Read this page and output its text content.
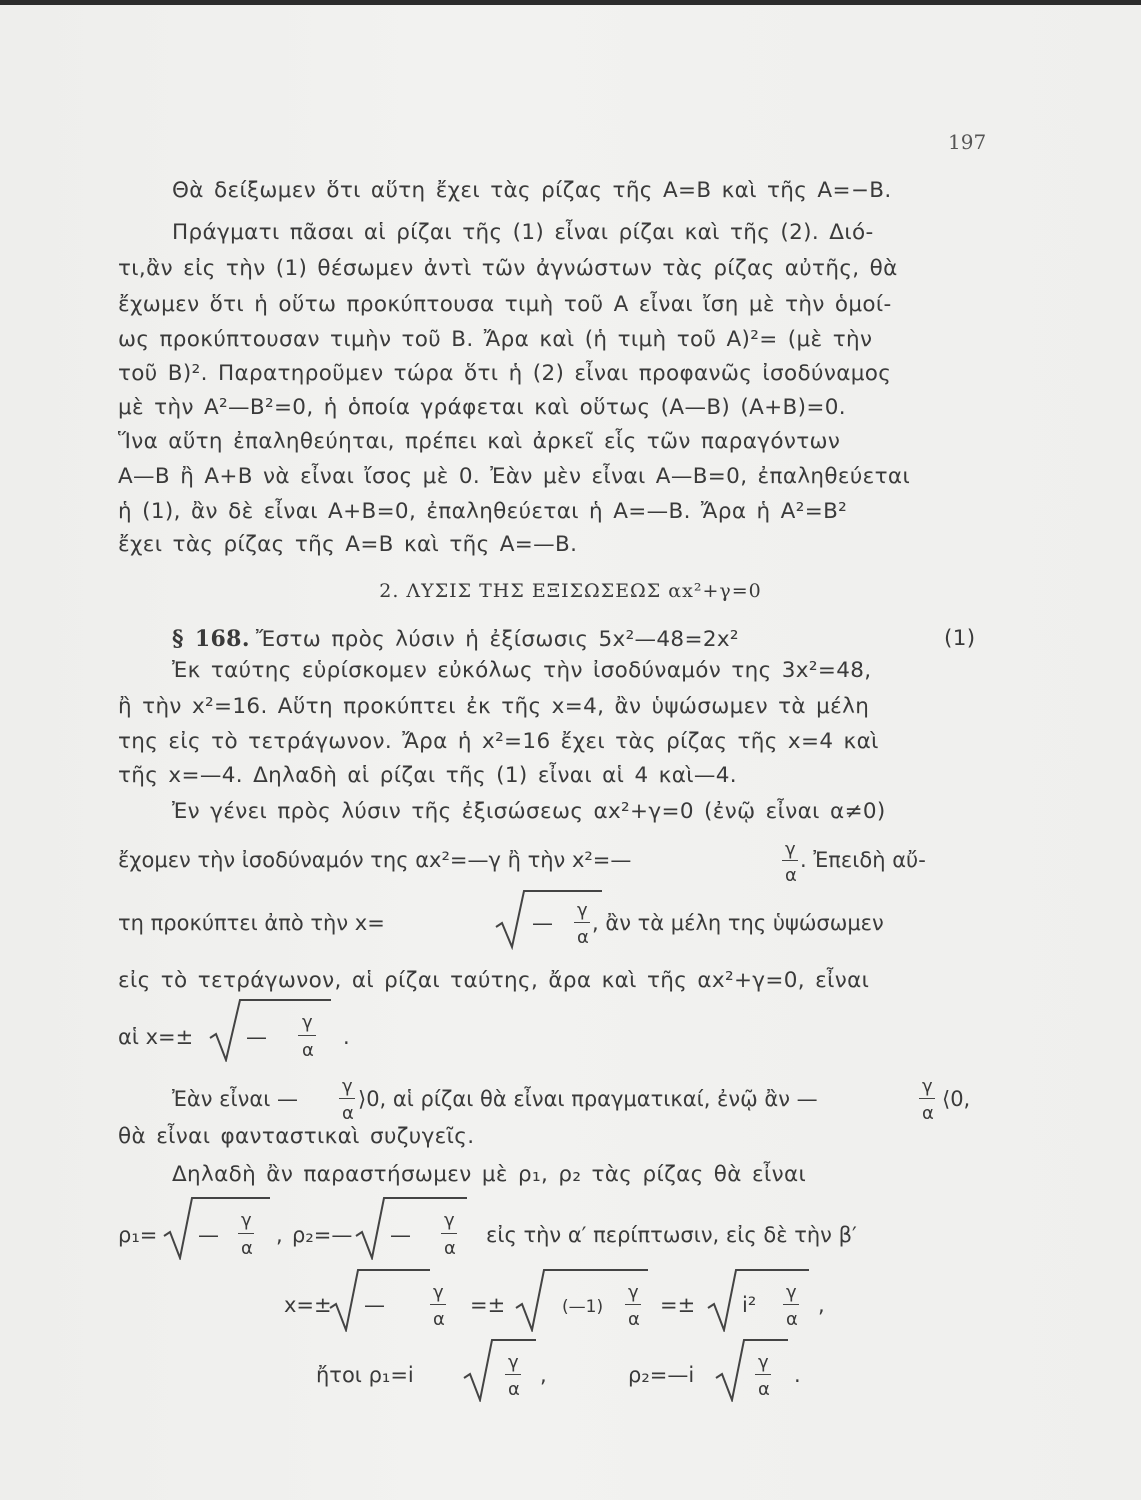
197
Θὰ δείξωμεν ὅτι αὕτη ἔχει τὰς ρίζας τῆς A=B καὶ τῆς A=−B.
Πράγματι πᾶσαι αἱ ρίζαι τῆς (1) εἶναι ρίζαι καὶ τῆς (2). Διό-
τι,ἂν εἰς τὴν (1) θέσωμεν ἀντὶ τῶν ἀγνώστων τὰς ρίζας αὐτῆς, θὰ
ἔχωμεν ὅτι ἡ οὕτω προκύπτουσα τιμὴ τοῦ A εἶναι ἴση μὲ τὴν ὁμοί-
ως προκύπτουσαν τιμὴν τοῦ B. Ἄρα καὶ (ἡ τιμὴ τοῦ A)²= (μὲ τὴν
τοῦ B)². Παρατηροῦμεν τώρα ὅτι ἡ (2) εἶναι προφανῶς ἰσοδύναμος
μὲ τὴν A²—B²=0, ἡ ὁποία γράφεται καὶ οὕτως (A—B) (A+B)=0.
Ἵνα αὕτη ἐπαληθεύηται, πρέπει καὶ ἀρκεῖ εἷς τῶν παραγόντων
A—B ἢ A+B νὰ εἶναι ἴσος μὲ 0. Ἐὰν μὲν εἶναι A—B=0, ἐπαληθεύεται
ἡ (1), ἂν δὲ εἶναι A+B=0, ἐπαληθεύεται ἡ A=—B. Ἄρα ἡ A²=B²
ἔχει τὰς ρίζας τῆς A=B καὶ τῆς A=—B.
2. ΛΥΣΙΣ ΤΗΣ ΕΞΙΣΩΣΕΩΣ αx²+γ=0
§ 168. Ἔστω πρὸς λύσιν ἡ ἐξίσωσις 5x²—48=2x²	(1)
Ἐκ ταύτης εὑρίσκομεν εὐκόλως τὴν ἰσοδύναμόν της 3x²=48,
ἢ τὴν x²=16. Αὕτη προκύπτει ἐκ τῆς x=4, ἂν ὑψώσωμεν τὰ μέλη
της εἰς τὸ τετράγωνον. Ἄρα ἡ x²=16 ἔχει τὰς ρίζας τῆς x=4 καὶ
τῆς x=—4. Δηλαδὴ αἱ ρίζαι τῆς (1) εἶναι αἱ 4 καὶ—4.
Ἐν γένει πρὸς λύσιν τῆς ἐξισώσεως αx²+γ=0 (ἐνῷ εἶναι α≠0)
ἔχομεν τὴν ἰσοδύναμόν της αx²=—γ ἢ τὴν x²=—	γ
α
. Ἐπειδὴ αὔ-
τη προκύπτει ἀπὸ τὴν x=	—
γ
α
, ἂν τὰ μέλη της ὑψώσωμεν
εἰς τὸ τετράγωνον, αἱ ρίζαι ταύτης, ἄρα καὶ τῆς αx²+γ=0, εἶναι
αἱ x=±	—
γ
α
.
Ἐὰν εἶναι —
γ
α
⟩0, αἱ ρίζαι θὰ εἶναι πραγματικαί, ἐνῷ ἂν —
γ
α
⟨0,
θὰ εἶναι φανταστικαὶ συζυγεῖς.
Δηλαδὴ ἂν παραστήσωμεν μὲ ρ₁, ρ₂ τὰς ρίζας θὰ εἶναι
ρ₁= —
γ
α
, ρ₂=— —
γ
α
εἰς τὴν α′ περίπτωσιν, εἰς δὲ τὴν β′
x=± —
γ
α
=±	(—1)
γ
α
=± i²
γ
α
,
ἤτοι ρ₁=i
γ
α
,	ρ₂=—i
γ
α
.
